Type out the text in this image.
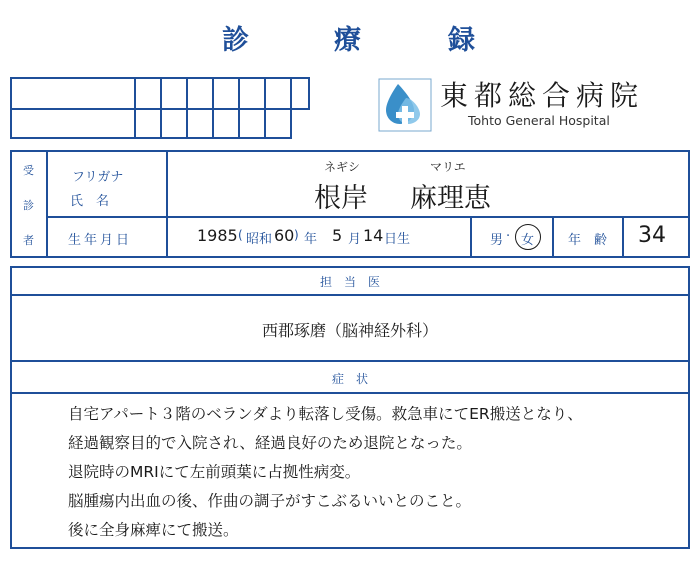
診	療	録
東都総合病院
Tohto General Hospital
受
診
者
フリガナ
氏　名
ネギシ	マリエ
根岸 麻理恵
生年月日	1985 ( 昭和 60 ) 年 5 月 14 日生	男 · 女	年　齢 34
担　当　医
西郡琢磨（脳神経外科）
症　状
自宅アパート３階のベランダより転落し受傷。救急車にてER搬送となり、
経過観察目的で入院され、経過良好のため退院となった。
退院時のMRIにて左前頭葉に占拠性病変。
脳腫瘍内出血の後、作曲の調子がすこぶるいいとのこと。
後に全身麻痺にて搬送。
